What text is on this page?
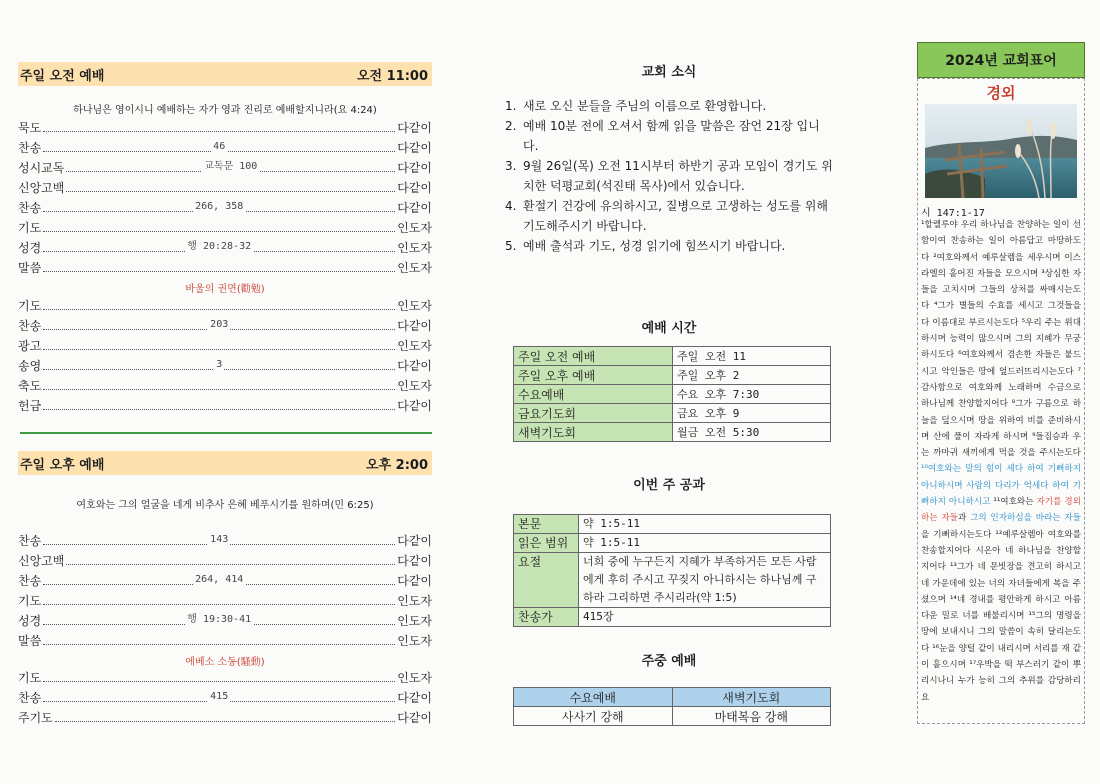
주일 오전 예배	오전 11:00
하나님은 영이시니 예배하는 자가 영과 진리로 예배할지니라(요 4:24)
묵도	다같이
찬송	46	다같이
성시교독	교독문 100	다같이
신앙고백	다같이
찬송	266, 358	다같이
기도	인도자
성경	행 20:28-32	인도자
말씀	인도자
바울의 권면(勸勉)
기도	인도자
찬송	203	다같이
광고	인도자
송영	3	다같이
축도	인도자
헌금	다같이
주일 오후 예배	오후 2:00
여호와는 그의 얼굴을 네게 비추사 은혜 베푸시기를 원하며(민 6:25)
찬송	143	다같이
신앙고백	다같이
찬송	264, 414	다같이
기도	인도자
성경	행 19:30-41	인도자
말씀	인도자
에베소 소동(騷動)
기도	인도자
찬송	415	다같이
주기도	다같이
교회 소식
1. 새로 오신 분들을 주님의 이름으로 환영합니다.
2. 예배 10분 전에 오셔서 함께 읽을 말씀은 잠언 21장 입니다.
3. 9월 26일(목) 오전 11시부터 하반기 공과 모임이 경기도 위치한 덕평교회(석진태 목사)에서 있습니다.
4. 환절기 건강에 유의하시고, 질병으로 고생하는 성도를 위해 기도해주시기 바랍니다.
5. 예배 출석과 기도, 성경 읽기에 힘쓰시기 바랍니다.
예배 시간
주일 오전 예배	주일 오전 11
주일 오후 예배	주일 오후 2
수요예배	수요 오후 7:30
금요기도회	금요 오후 9
새벽기도회	월금 오전 5:30
이번 주 공과
본문	약 1:5-11
읽은 범위	약 1:5-11
요절	너희 중에 누구든지 지혜가 부족하거든 모든 사람에게 후히 주시고 꾸짖지 아니하시는 하나님께 구하라 그리하면 주시리라(약 1:5)
찬송가	415장
주중 예배
수요예배	새벽기도회
사사기 강해	마태복음 강해
2024년 교회표어
경외
시 147:1-17
¹할렐루야 우리 하나님을 찬양하는 일이 선함이여 찬송하는 일이 아름답고 마땅하도다 ²여호와께서 예루살렘을 세우시며 이스라엘의 흩어진 자들을 모으시며 ³상심한 자들을 고치시며 그들의 상처를 싸매시는도다 ⁴그가 별들의 수효를 세시고 그것들을 다 이름대로 부르시는도다 ⁵우리 주는 위대하시며 능력이 많으시며 그의 지혜가 무궁하시도다 ⁶여호와께서 겸손한 자들은 붙드시고 악인들은 땅에 엎드러뜨리시는도다 ⁷감사함으로 여호와께 노래하며 수금으로 하나님께 찬양할지어다 ⁸그가 구름으로 하늘을 덮으시며 땅을 위하여 비를 준비하시며 산에 풀이 자라게 하시며 ⁹들짐승과 우는 까마귀 새끼에게 먹을 것을 주시는도다 ¹⁰여호와는 말의 힘이 세다 하여 기뻐하지 아니하시며 사람의 다리가 억세다 하여 기뻐하지 아니하시고 ¹¹여호와는 자기를 경외하는 자들과 그의 인자하심을 바라는 자들을 기뻐하시는도다 ¹²예루살렘아 여호와를 찬송할지어다 시온아 네 하나님을 찬양할지어다 ¹³그가 네 문빗장을 견고히 하시고 네 가운데에 있는 너의 자녀들에게 복을 주셨으며 ¹⁴네 경내를 평안하게 하시고 아름다운 밀로 너를 배불리시며 ¹⁵그의 명령을 땅에 보내시니 그의 말씀이 속히 달리는도다 ¹⁶눈을 양털 같이 내리시며 서리를 재 같이 흩으시며 ¹⁷우박을 떡 부스러기 같이 뿌리시나니 누가 능히 그의 추위를 감당하리요
